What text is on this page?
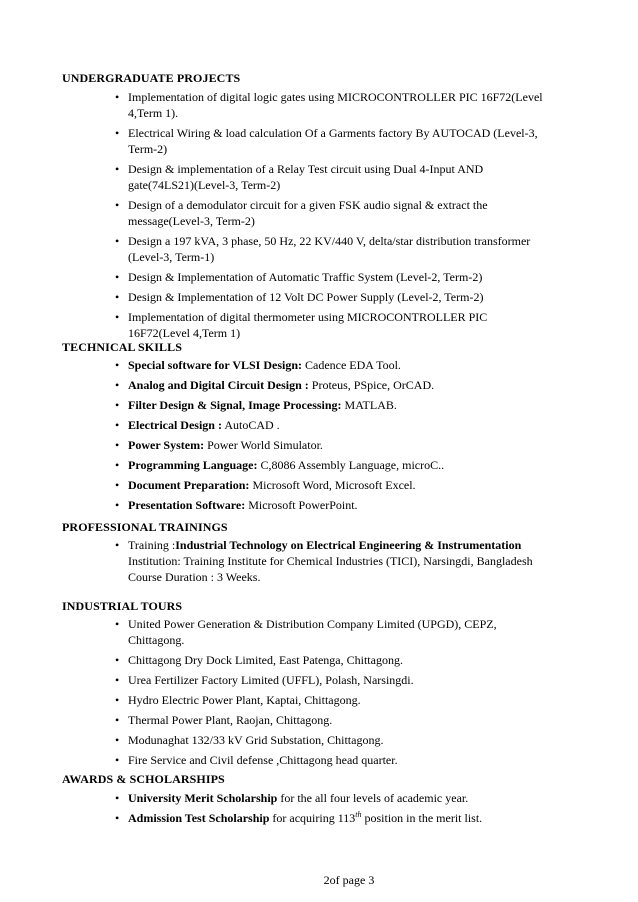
UNDERGRADUATE PROJECTS
• Implementation of digital logic gates using MICROCONTROLLER PIC 16F72(Level 4,Term 1).
• Electrical Wiring & load calculation Of a Garments factory By AUTOCAD (Level-3, Term-2)
• Design & implementation of a Relay Test circuit using Dual 4-Input AND gate(74LS21)(Level-3, Term-2)
• Design of a demodulator circuit for a given FSK audio signal & extract the message(Level-3, Term-2)
• Design a 197 kVA, 3 phase, 50 Hz, 22 KV/440 V, delta/star distribution transformer (Level-3, Term-1)
• Design & Implementation of Automatic Traffic System (Level-2, Term-2)
• Design & Implementation of 12 Volt DC Power Supply (Level-2, Term-2)
• Implementation of digital thermometer using MICROCONTROLLER PIC 16F72(Level 4,Term 1)
TECHNICAL SKILLS
• Special software for VLSI Design: Cadence EDA Tool.
• Analog and Digital Circuit Design : Proteus, PSpice, OrCAD.
• Filter Design & Signal, Image Processing: MATLAB.
• Electrical Design : AutoCAD .
• Power System: Power World Simulator.
• Programming Language: C,8086 Assembly Language, microC..
• Document Preparation: Microsoft Word, Microsoft Excel.
• Presentation Software: Microsoft PowerPoint.
PROFESSIONAL TRAININGS
• Training :Industrial Technology on Electrical Engineering & Instrumentation
Institution: Training Institute for Chemical Industries (TICI), Narsingdi, Bangladesh
Course Duration : 3 Weeks.
INDUSTRIAL TOURS
• United Power Generation & Distribution Company Limited (UPGD), CEPZ, Chittagong.
• Chittagong Dry Dock Limited, East Patenga, Chittagong.
• Urea Fertilizer Factory Limited (UFFL), Polash, Narsingdi.
• Hydro Electric Power Plant, Kaptai, Chittagong.
• Thermal Power Plant, Raojan, Chittagong.
• Modunaghat 132/33 kV Grid Substation, Chittagong.
• Fire Service and Civil defense ,Chittagong head quarter.
AWARDS & SCHOLARSHIPS
• University Merit Scholarship for the all four levels of academic year.
• Admission Test Scholarship for acquiring 113th position in the merit list.
2of page 3
